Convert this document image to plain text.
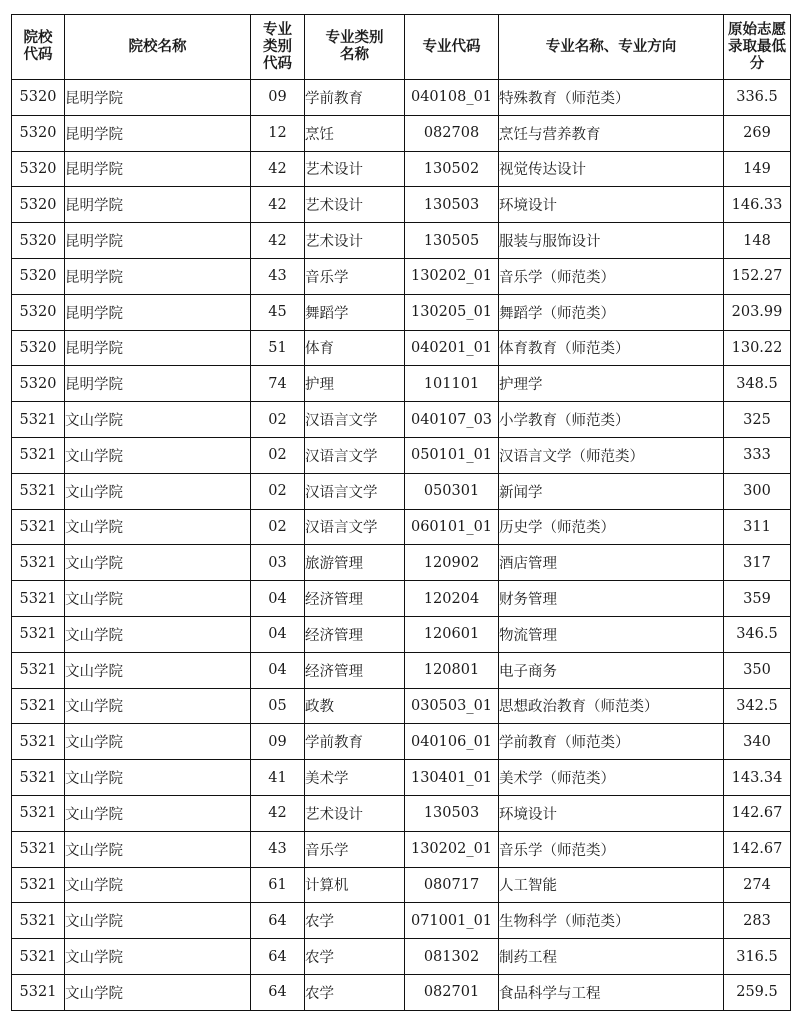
院校代码	院校名称	专业类别代码	专业类别名称	专业代码	专业名称、专业方向	原始志愿录取最低分
5320	昆明学院	09	学前教育	040108_01	特殊教育（师范类）	336.5
5320	昆明学院	12	烹饪	082708	烹饪与营养教育	269
5320	昆明学院	42	艺术设计	130502	视觉传达设计	149
5320	昆明学院	42	艺术设计	130503	环境设计	146.33
5320	昆明学院	42	艺术设计	130505	服装与服饰设计	148
5320	昆明学院	43	音乐学	130202_01	音乐学（师范类）	152.27
5320	昆明学院	45	舞蹈学	130205_01	舞蹈学（师范类）	203.99
5320	昆明学院	51	体育	040201_01	体育教育（师范类）	130.22
5320	昆明学院	74	护理	101101	护理学	348.5
5321	文山学院	02	汉语言文学	040107_03	小学教育（师范类）	325
5321	文山学院	02	汉语言文学	050101_01	汉语言文学（师范类）	333
5321	文山学院	02	汉语言文学	050301	新闻学	300
5321	文山学院	02	汉语言文学	060101_01	历史学（师范类）	311
5321	文山学院	03	旅游管理	120902	酒店管理	317
5321	文山学院	04	经济管理	120204	财务管理	359
5321	文山学院	04	经济管理	120601	物流管理	346.5
5321	文山学院	04	经济管理	120801	电子商务	350
5321	文山学院	05	政教	030503_01	思想政治教育（师范类）	342.5
5321	文山学院	09	学前教育	040106_01	学前教育（师范类）	340
5321	文山学院	41	美术学	130401_01	美术学（师范类）	143.34
5321	文山学院	42	艺术设计	130503	环境设计	142.67
5321	文山学院	43	音乐学	130202_01	音乐学（师范类）	142.67
5321	文山学院	61	计算机	080717	人工智能	274
5321	文山学院	64	农学	071001_01	生物科学（师范类）	283
5321	文山学院	64	农学	081302	制药工程	316.5
5321	文山学院	64	农学	082701	食品科学与工程	259.5
